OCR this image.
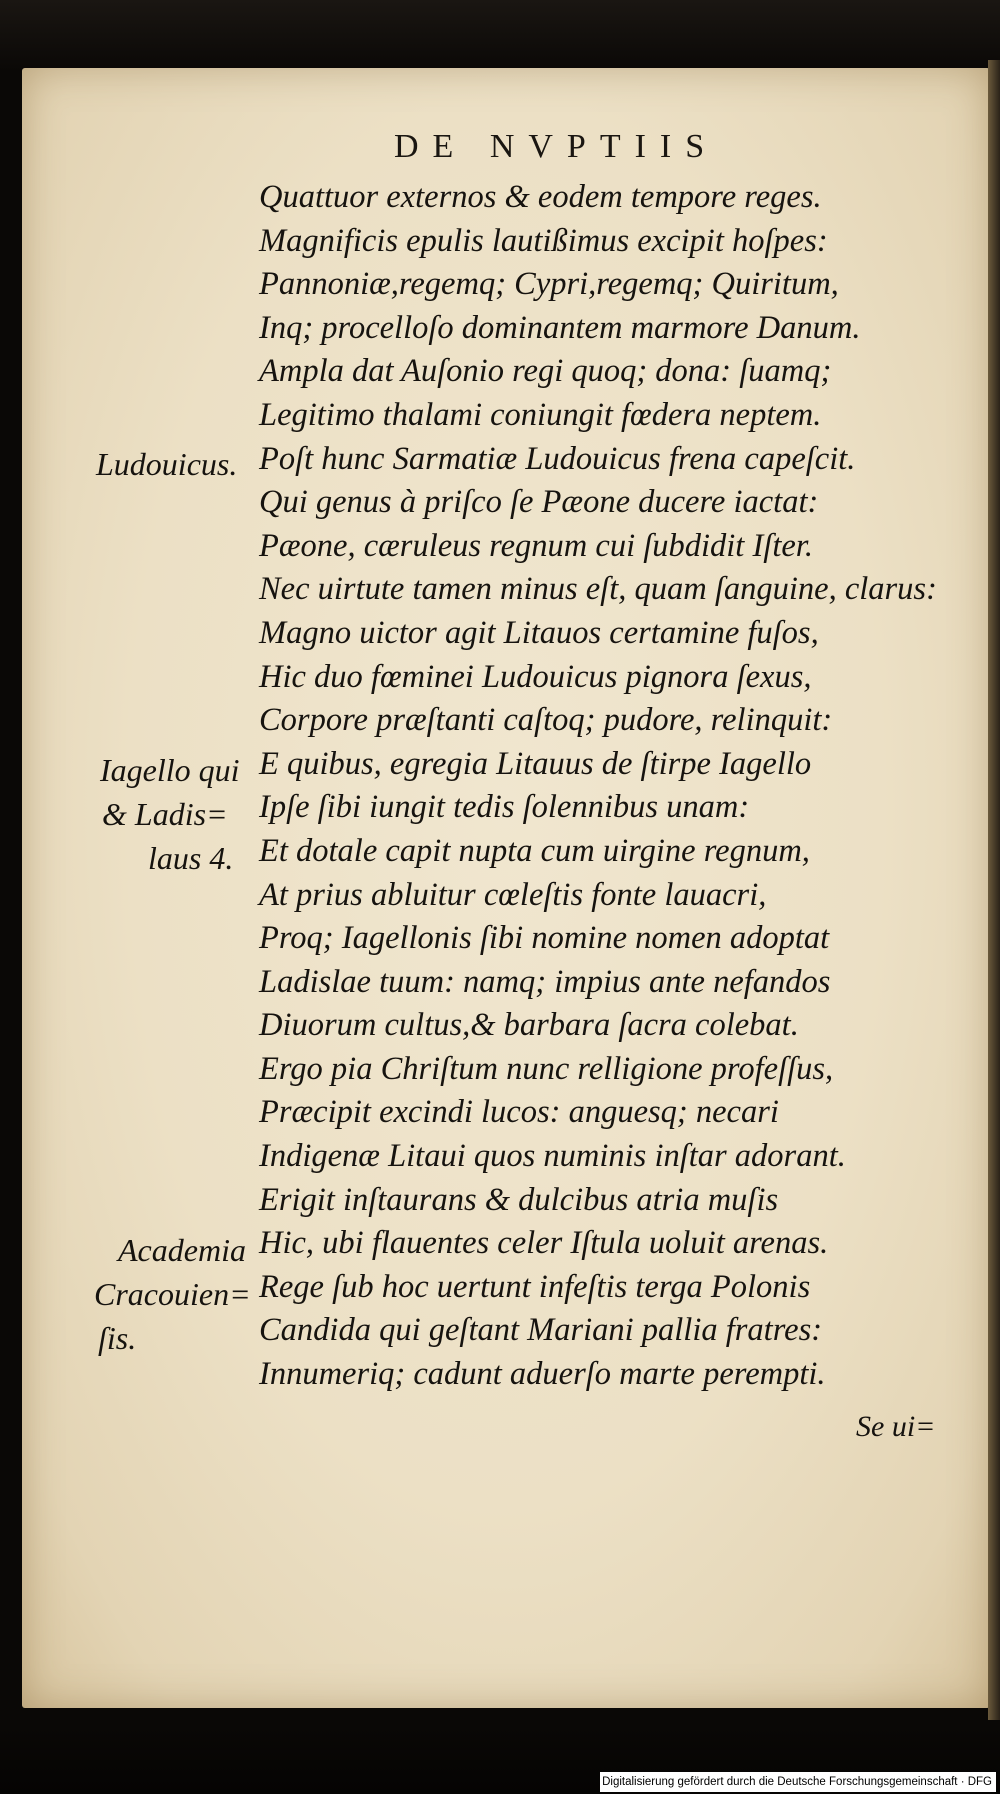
DE NVPTIIS
Quattuor externos & eodem tempore reges.
Magnificis epulis lautißimus excipit hoſpes:
Pannoniæ,regemq; Cypri,regemq; Quiritum,
Inq; procelloſo dominantem marmore Danum.
Ampla dat Auſonio regi quoq; dona: ſuamq;
Legitimo thalami coniungit fœdera neptem.
Poſt hunc Sarmatiæ Ludouicus frena capeſcit.
Qui genus à priſco ſe Pæone ducere iactat:
Pæone, cæruleus regnum cui ſubdidit Iſter.
Nec uirtute tamen minus eſt, quam ſanguine, clarus:
Magno uictor agit Litauos certamine fuſos,
Hic duo fœminei Ludouicus pignora ſexus,
Corpore præſtanti caſtoq; pudore, relinquit:
E quibus, egregia Litauus de ſtirpe Iagello
Ipſe ſibi iungit tedis ſolennibus unam:
Et dotale capit nupta cum uirgine regnum,
At prius abluitur cœleſtis fonte lauacri,
Proq; Iagellonis ſibi nomine nomen adoptat
Ladislae tuum: namq; impius ante nefandos
Diuorum cultus,& barbara ſacra colebat.
Ergo pia Chriſtum nunc relligione profeſſus,
Præcipit excindi lucos: anguesq; necari
Indigenæ Litaui quos numinis inſtar adorant.
Erigit inſtaurans & dulcibus atria muſis
Hic, ubi flauentes celer Iſtula uoluit arenas.
Rege ſub hoc uertunt infeſtis terga Polonis
Candida qui geſtant Mariani pallia fratres:
Innumeriq; cadunt aduerſo marte perempti.
Ludouicus.
Iagello qui
& Ladis=
laus 4.
Academia
Cracouien=
ſis.
Se ui=
Digitalisierung gefördert durch die Deutsche Forschungsgemeinschaft · DFG
